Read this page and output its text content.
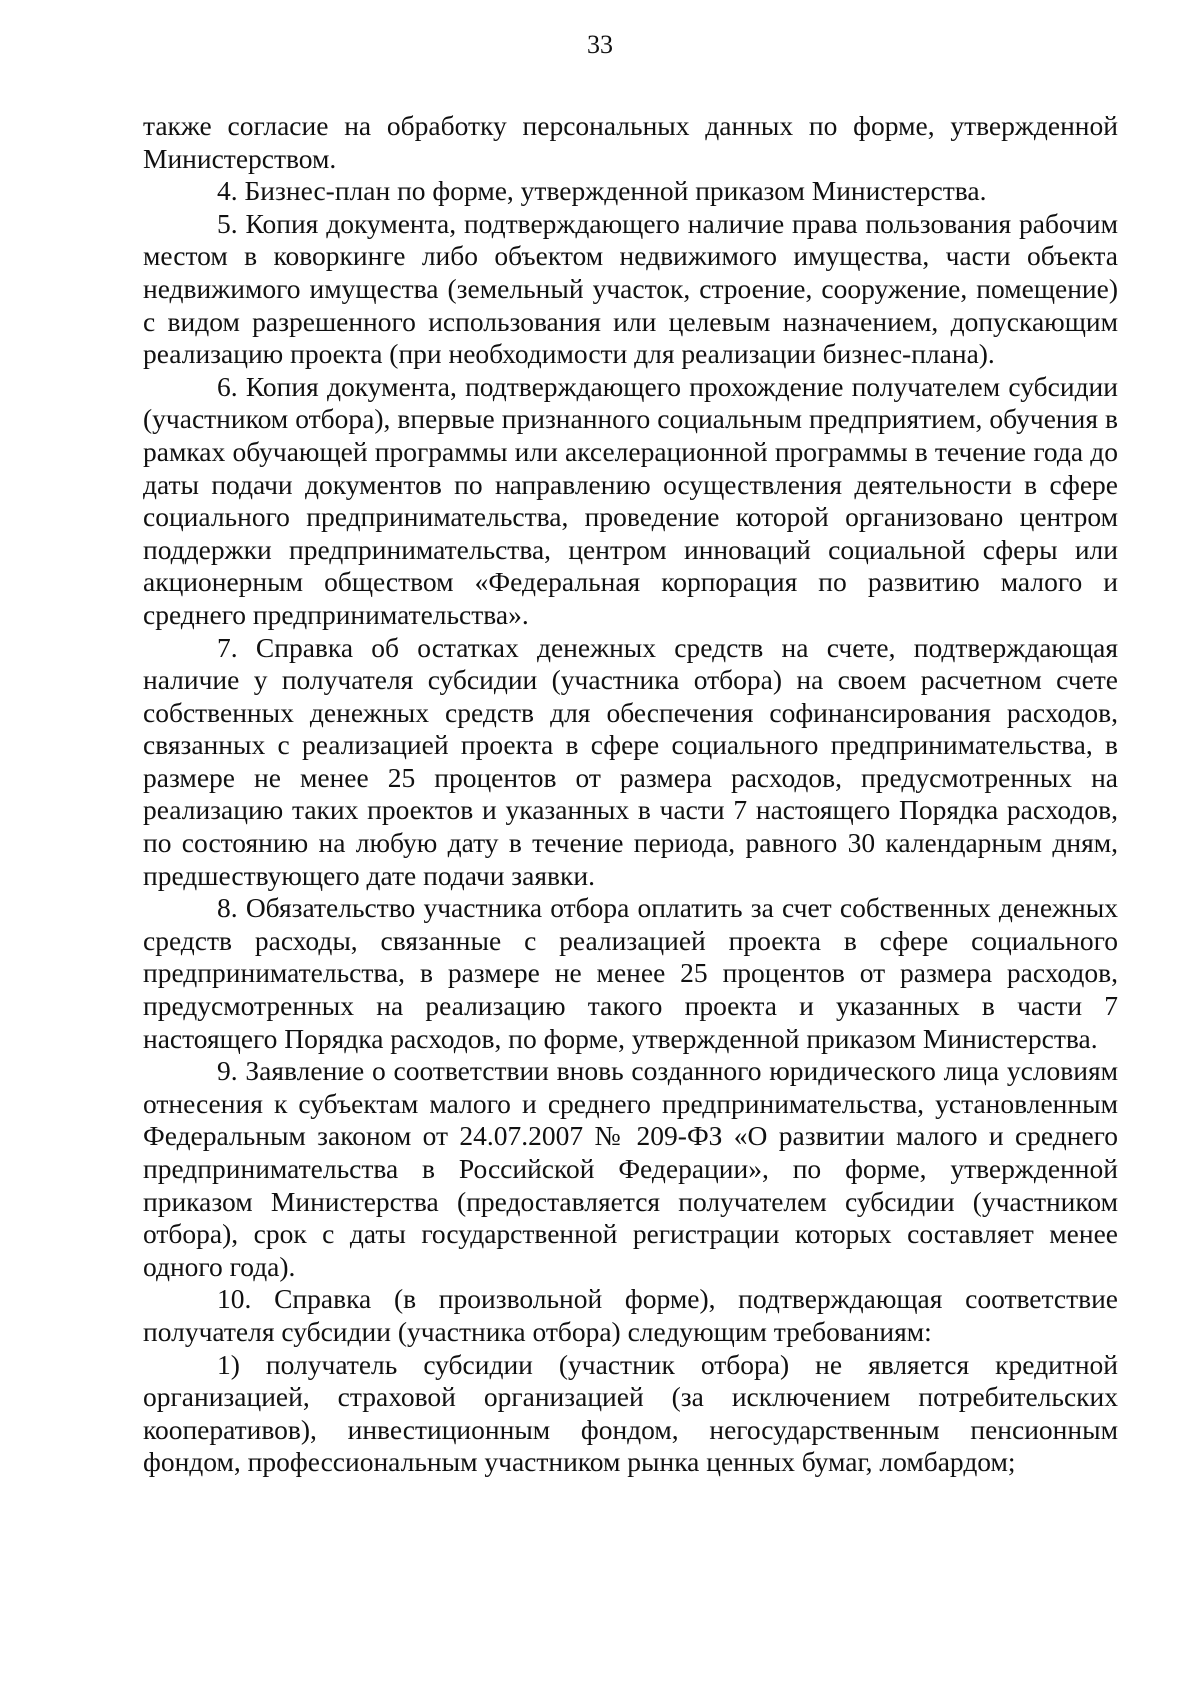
33

также согласие на обработку персональных данных по форме, утвержденной Министерством.

4. Бизнес-план по форме, утвержденной приказом Министерства.

5. Копия документа, подтверждающего наличие права пользования рабочим местом в коворкинге либо объектом недвижимого имущества, части объекта недвижимого имущества (земельный участок, строение, сооружение, помещение) с видом разрешенного использования или целевым назначением, допускающим реализацию проекта (при необходимости для реализации бизнес-плана).

6. Копия документа, подтверждающего прохождение получателем субсидии (участником отбора), впервые признанного социальным предприятием, обучения в рамках обучающей программы или акселерационной программы в течение года до даты подачи документов по направлению осуществления деятельности в сфере социального предпринимательства, проведение которой организовано центром поддержки предпринимательства, центром инноваций социальной сферы или акционерным обществом «Федеральная корпорация по развитию малого и среднего предпринимательства».

7. Справка об остатках денежных средств на счете, подтверждающая наличие у получателя субсидии (участника отбора) на своем расчетном счете собственных денежных средств для обеспечения софинансирования расходов, связанных с реализацией проекта в сфере социального предпринимательства, в размере не менее 25 процентов от размера расходов, предусмотренных на реализацию таких проектов и указанных в части 7 настоящего Порядка расходов, по состоянию на любую дату в течение периода, равного 30 календарным дням, предшествующего дате подачи заявки.

8. Обязательство участника отбора оплатить за счет собственных денежных средств расходы, связанные с реализацией проекта в сфере социального предпринимательства, в размере не менее 25 процентов от размера расходов, предусмотренных на реализацию такого проекта и указанных в части 7 настоящего Порядка расходов, по форме, утвержденной приказом Министерства.

9. Заявление о соответствии вновь созданного юридического лица условиям отнесения к субъектам малого и среднего предпринимательства, установленным Федеральным законом от 24.07.2007 № 209-ФЗ «О развитии малого и среднего предпринимательства в Российской Федерации», по форме, утвержденной приказом Министерства (предоставляется получателем субсидии (участником отбора), срок с даты государственной регистрации которых составляет менее одного года).

10. Справка (в произвольной форме), подтверждающая соответствие получателя субсидии (участника отбора) следующим требованиям:

1) получатель субсидии (участник отбора) не является кредитной организацией, страховой организацией (за исключением потребительских кооперативов), инвестиционным фондом, негосударственным пенсионным фондом, профессиональным участником рынка ценных бумаг, ломбардом;
